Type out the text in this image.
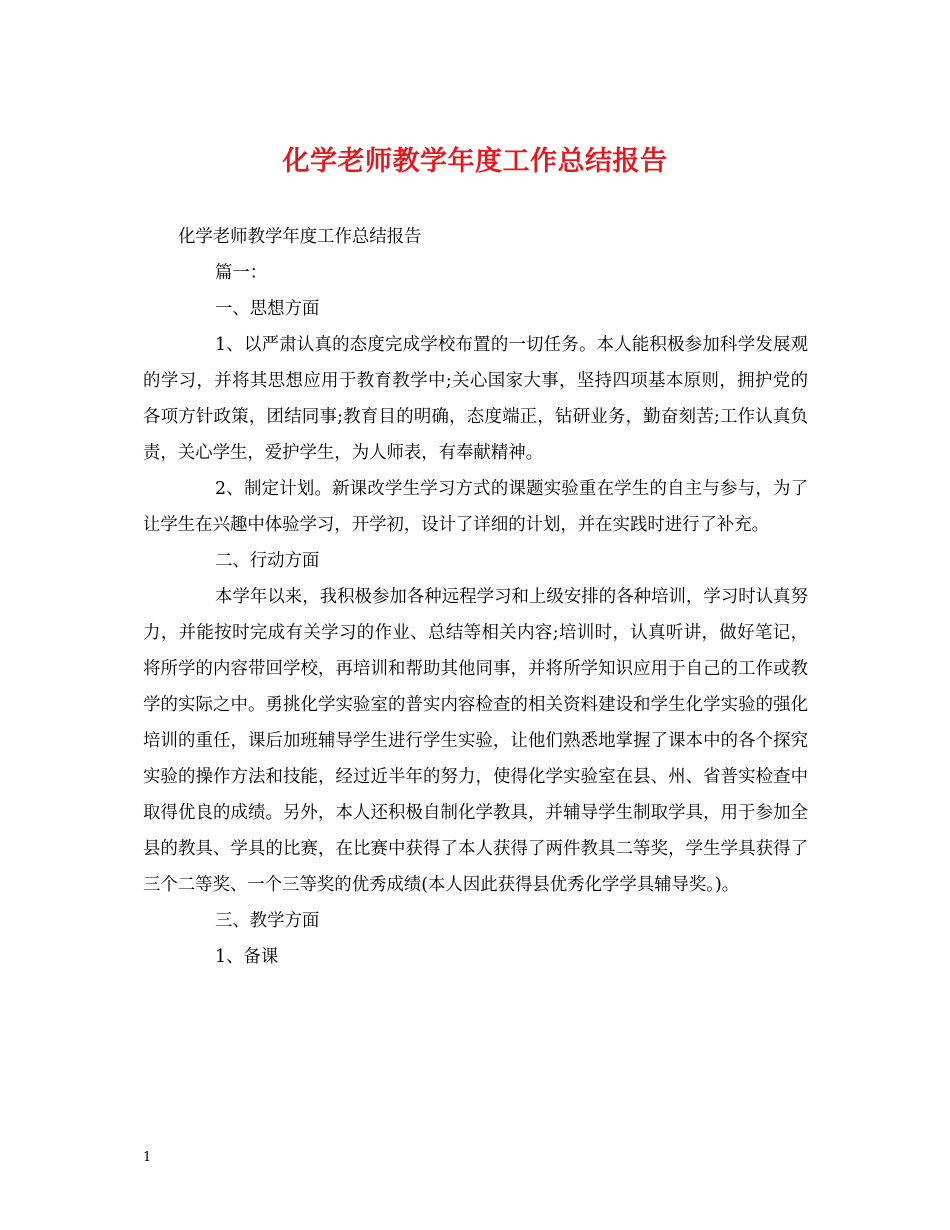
化学老师教学年度工作总结报告

化学老师教学年度工作总结报告

篇一：

一、思想方面

1、以严肃认真的态度完成学校布置的一切任务。本人能积极参加科学发展观的学习，并将其思想应用于教育教学中;关心国家大事，坚持四项基本原则，拥护党的各项方针政策，团结同事;教育目的明确，态度端正，钻研业务，勤奋刻苦;工作认真负责，关心学生，爱护学生，为人师表，有奉献精神。

2、制定计划。新课改学生学习方式的课题实验重在学生的自主与参与，为了让学生在兴趣中体验学习，开学初，设计了详细的计划，并在实践时进行了补充。

二、行动方面

本学年以来，我积极参加各种远程学习和上级安排的各种培训，学习时认真努力，并能按时完成有关学习的作业、总结等相关内容;培训时，认真听讲，做好笔记，将所学的内容带回学校，再培训和帮助其他同事，并将所学知识应用于自己的工作或教学的实际之中。勇挑化学实验室的普实内容检查的相关资料建设和学生化学实验的强化培训的重任，课后加班辅导学生进行学生实验，让他们熟悉地掌握了课本中的各个探究实验的操作方法和技能，经过近半年的努力，使得化学实验室在县、州、省普实检查中取得优良的成绩。另外，本人还积极自制化学教具，并辅导学生制取学具，用于参加全县的教具、学具的比赛，在比赛中获得了本人获得了两件教具二等奖，学生学具获得了三个二等奖、一个三等奖的优秀成绩(本人因此获得县优秀化学学具辅导奖。)。

三、教学方面

1、备课

1
